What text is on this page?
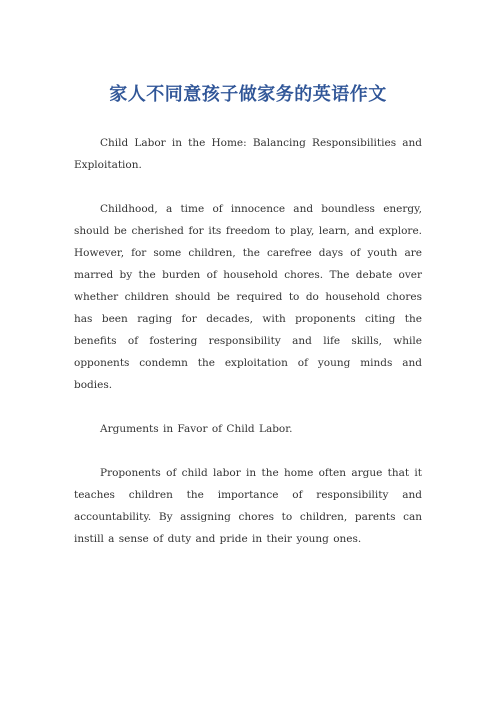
家人不同意孩子做家务的英语作文

Child Labor in the Home: Balancing Responsibilities and Exploitation.

Childhood, a time of innocence and boundless energy, should be cherished for its freedom to play, learn, and explore. However, for some children, the carefree days of youth are marred by the burden of household chores. The debate over whether children should be required to do household chores has been raging for decades, with proponents citing the benefits of fostering responsibility and life skills, while opponents condemn the exploitation of young minds and bodies.

Arguments in Favor of Child Labor.

Proponents of child labor in the home often argue that it teaches children the importance of responsibility and accountability. By assigning chores to children, parents can instill a sense of duty and pride in their young ones.
